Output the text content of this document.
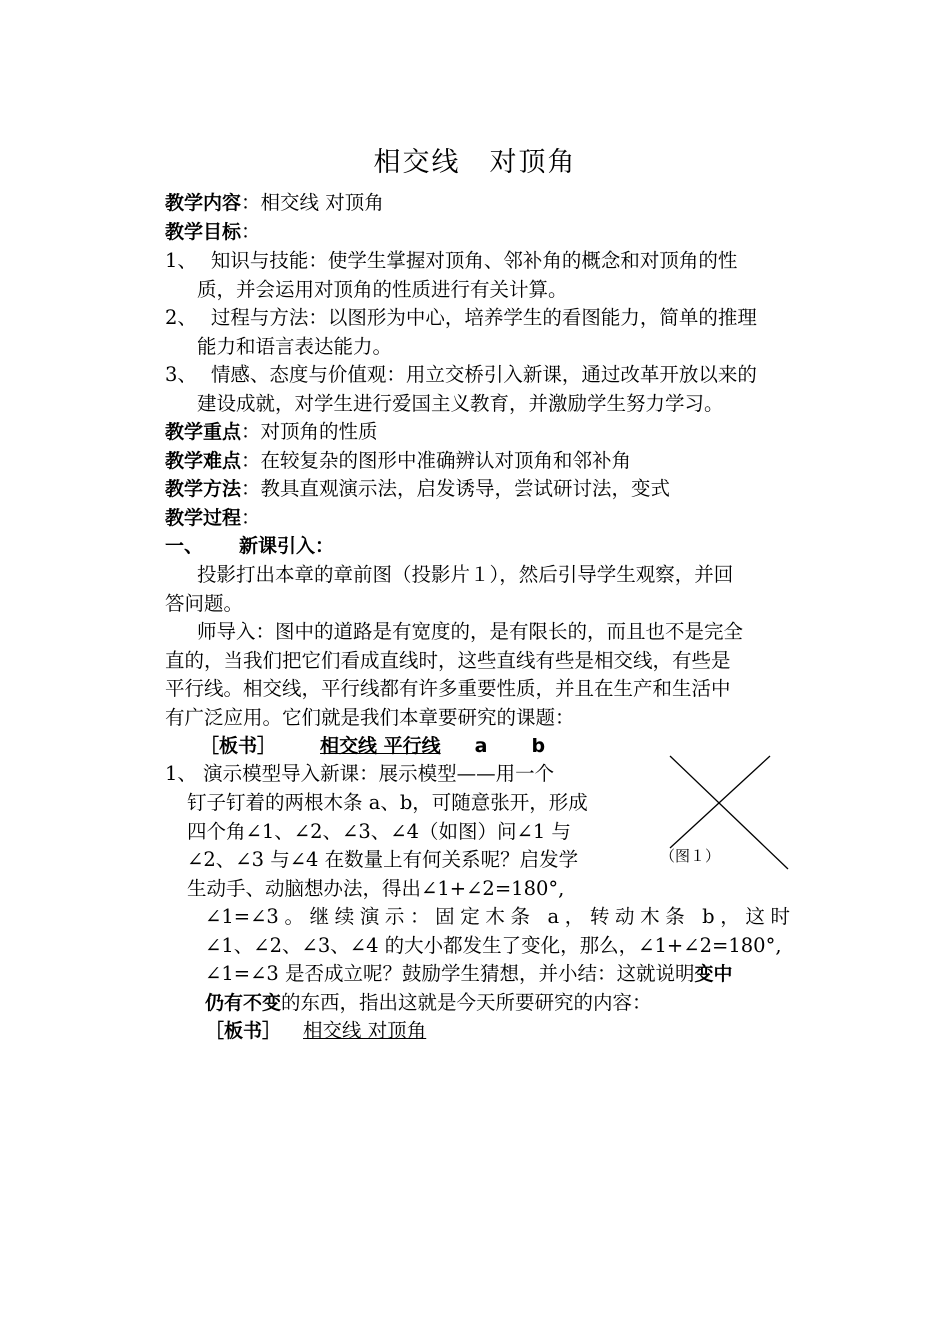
相交线　对顶角
教学内容：相交线 对顶角
教学目标：
1、 知识与技能：使学生掌握对顶角、邻补角的概念和对顶角的性
质，并会运用对顶角的性质进行有关计算。
2、 过程与方法：以图形为中心，培养学生的看图能力，简单的推理
能力和语言表达能力。
3、 情感、态度与价值观：用立交桥引入新课，通过改革开放以来的
建设成就，对学生进行爱国主义教育，并激励学生努力学习。
教学重点：对顶角的性质
教学难点：在较复杂的图形中准确辨认对顶角和邻补角
教学方法：教具直观演示法，启发诱导，尝试研讨法，变式
教学过程：
一、 新课引入：
投影打出本章的章前图（投影片１），然后引导学生观察，并回
答问题。
师导入：图中的道路是有宽度的，是有限长的，而且也不是完全
直的，当我们把它们看成直线时，这些直线有些是相交线，有些是
平行线。相交线，平行线都有许多重要性质，并且在生产和生活中
有广泛应用。它们就是我们本章要研究的课题：
［板书］ 相交线 平行线 a b
1、 演示模型导入新课：展示模型——用一个
钉子钉着的两根木条 a、b，可随意张开，形成
四个角∠1、∠2、∠3、∠4（如图）问∠1 与
∠2、∠3 与∠4 在数量上有何关系呢？启发学
生动手、动脑想办法，得出∠1+∠2=180°,
（图１）
∠1=∠3。继续演示：固定木条 a，转动木条 b，这时
∠1、∠2、∠3、∠4 的大小都发生了变化，那么，∠1+∠2=180°,
∠1=∠3 是否成立呢？鼓励学生猜想，并小结：这就说明变中
仍有不变的东西，指出这就是今天所要研究的内容：
［板书］ 相交线 对顶角
